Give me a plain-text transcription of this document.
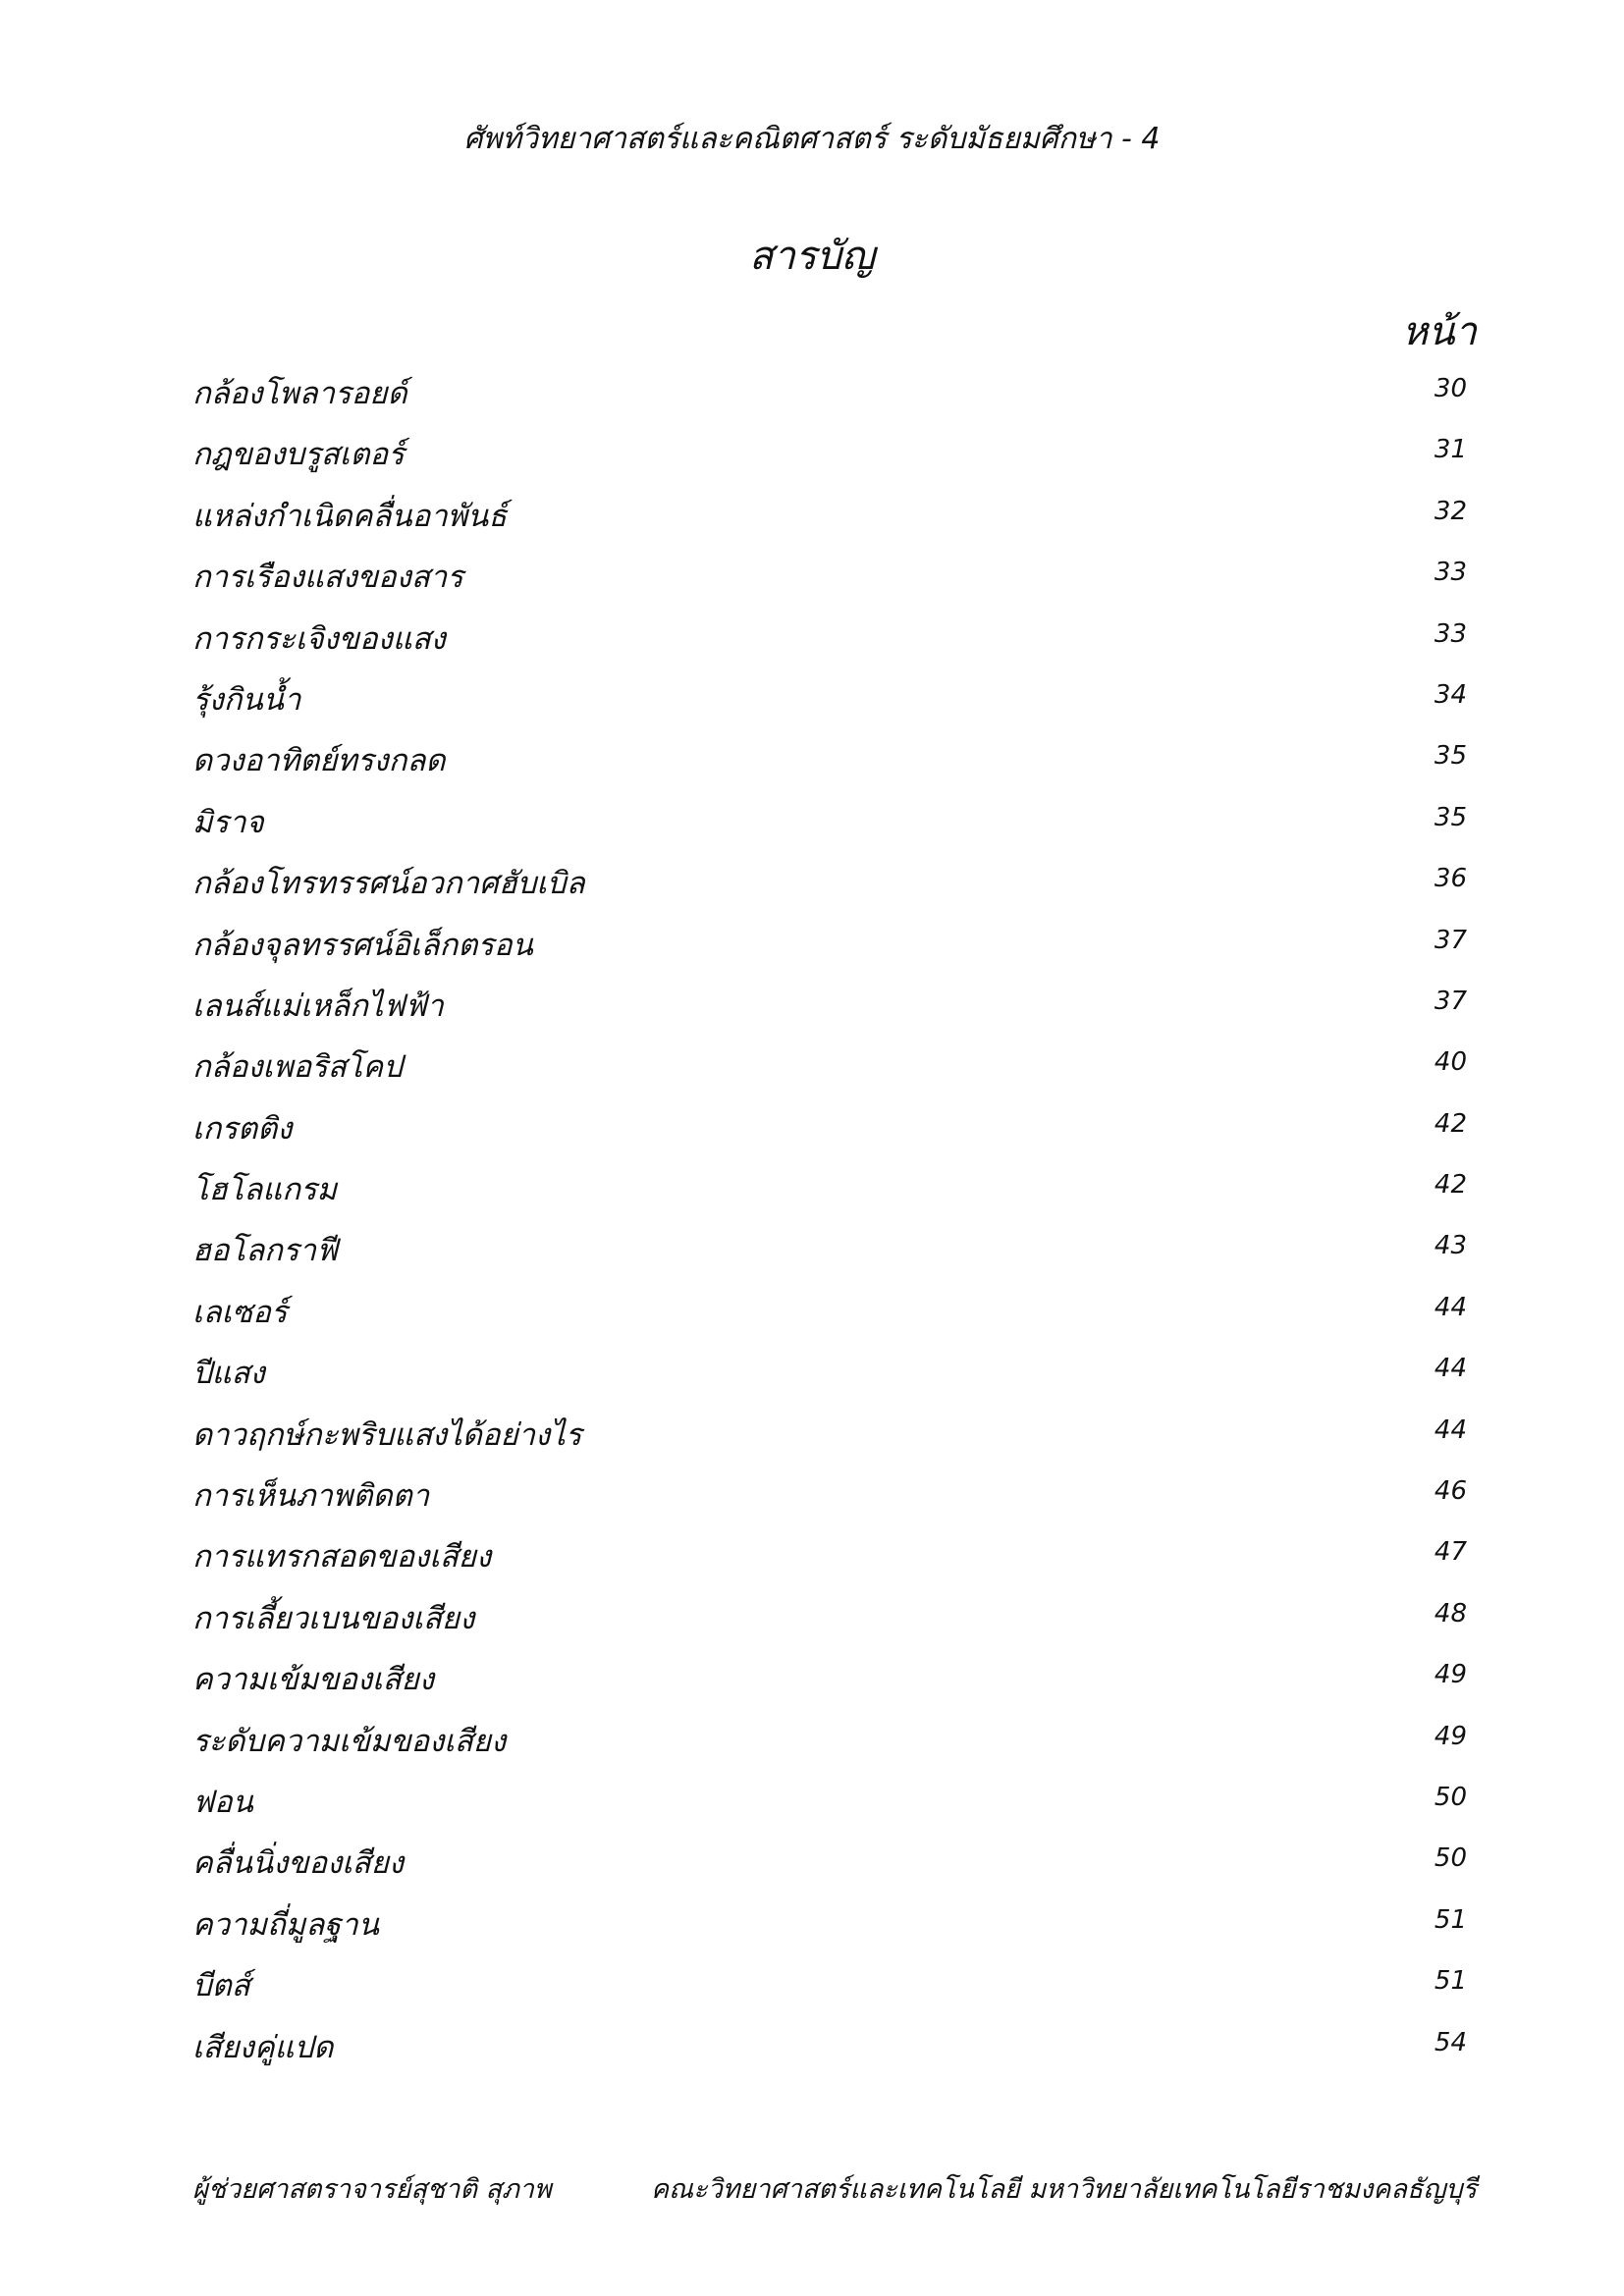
ศัพท์วิทยาศาสตร์และคณิตศาสตร์ ระดับมัธยมศึกษา - 4
สารบัญ
หน้า
กล้องโพลารอยด์	30
กฎของบรูสเตอร์	31
แหล่งกำเนิดคลื่นอาพันธ์	32
การเรืองแสงของสาร	33
การกระเจิงของแสง	33
รุ้งกินน้ำ	34
ดวงอาทิตย์ทรงกลด	35
มิราจ	35
กล้องโทรทรรศน์อวกาศฮับเบิล	36
กล้องจุลทรรศน์อิเล็กตรอน	37
เลนส์แม่เหล็กไฟฟ้า	37
กล้องเพอริสโคป	40
เกรตติง	42
โฮโลแกรม	42
ฮอโลกราฟี	43
เลเซอร์	44
ปีแสง	44
ดาวฤกษ์กะพริบแสงได้อย่างไร	44
การเห็นภาพติดตา	46
การแทรกสอดของเสียง	47
การเลี้ยวเบนของเสียง	48
ความเข้มของเสียง	49
ระดับความเข้มของเสียง	49
ฟอน	50
คลื่นนิ่งของเสียง	50
ความถี่มูลฐาน	51
บีตส์	51
เสียงคู่แปด	54
ผู้ช่วยศาสตราจารย์สุชาติ สุภาพ	คณะวิทยาศาสตร์และเทคโนโลยี มหาวิทยาลัยเทคโนโลยีราชมงคลธัญบุรี
